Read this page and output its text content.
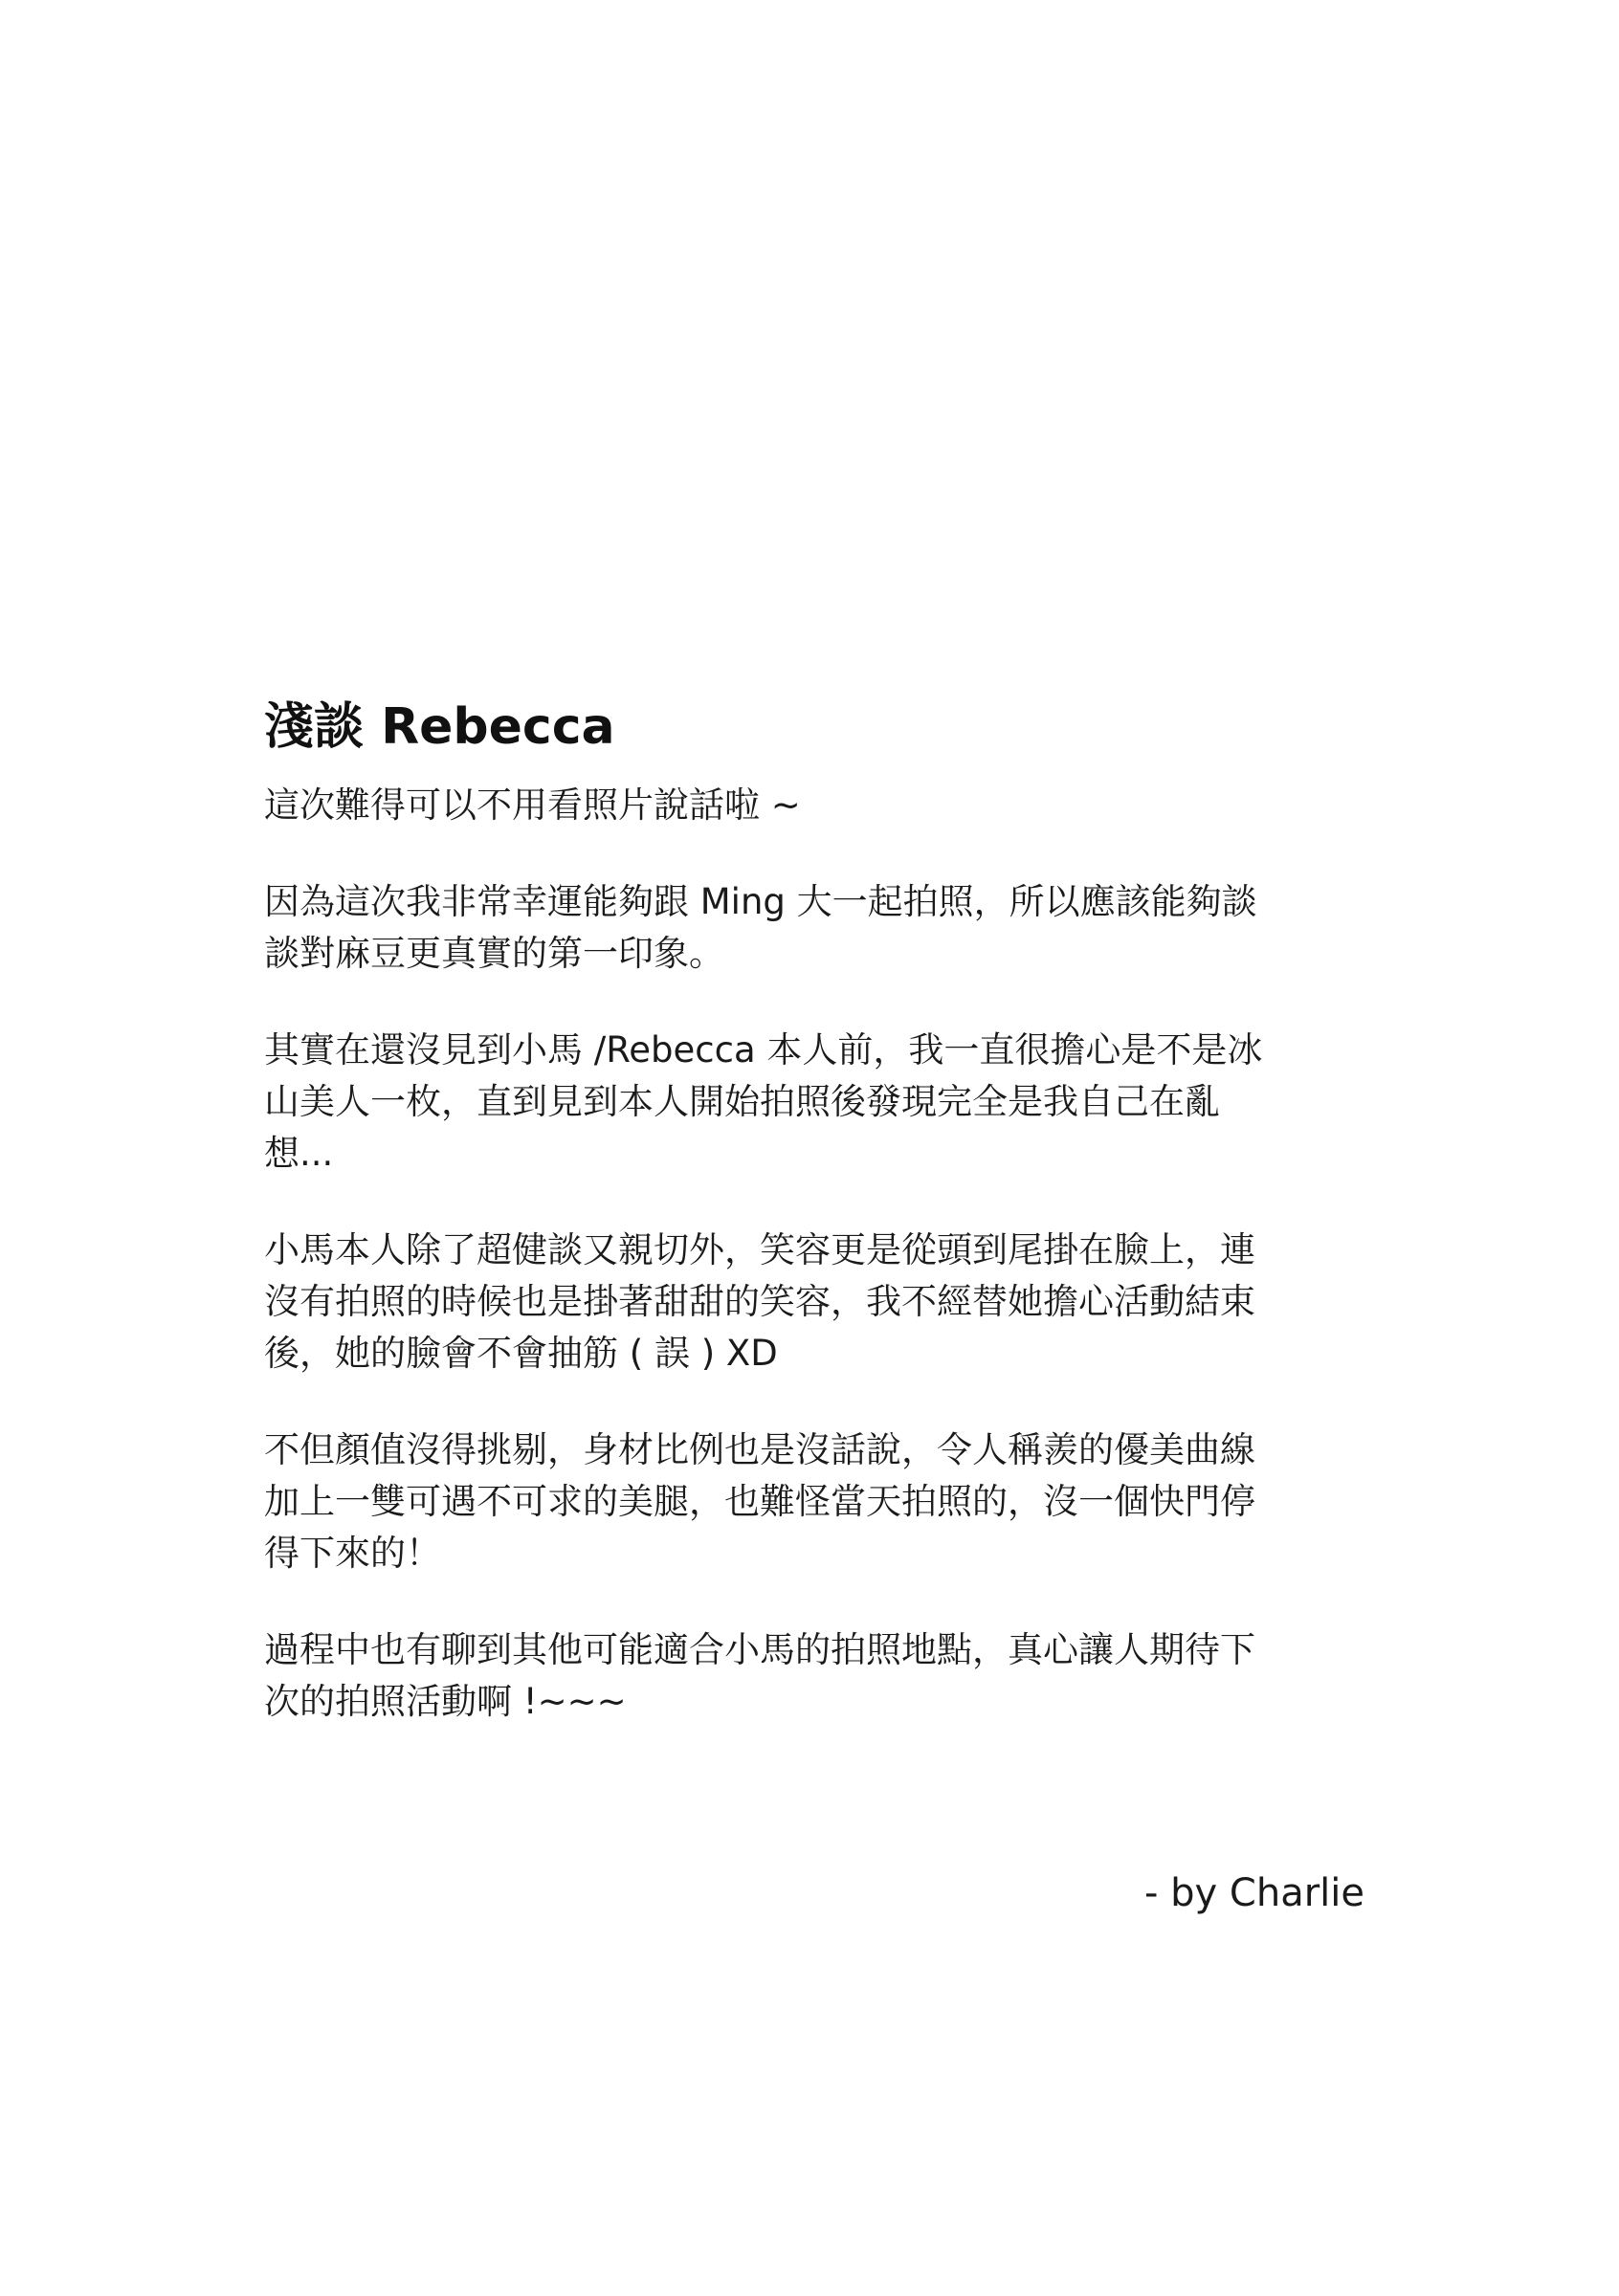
淺談 Rebecca

這次難得可以不用看照片說話啦 ~

因為這次我非常幸運能夠跟 Ming 大一起拍照，所以應該能夠談
談對麻豆更真實的第一印象。

其實在還沒見到小馬 /Rebecca 本人前，我一直很擔心是不是冰
山美人一枚，直到見到本人開始拍照後發現完全是我自己在亂
想...

小馬本人除了超健談又親切外，笑容更是從頭到尾掛在臉上，連
沒有拍照的時候也是掛著甜甜的笑容，我不經替她擔心活動結束
後，她的臉會不會抽筋 ( 誤 ) XD

不但顏值沒得挑剔，身材比例也是沒話說，令人稱羨的優美曲線
加上一雙可遇不可求的美腿，也難怪當天拍照的，沒一個快門停
得下來的！

過程中也有聊到其他可能適合小馬的拍照地點，真心讓人期待下
次的拍照活動啊 !~~~

- by Charlie
